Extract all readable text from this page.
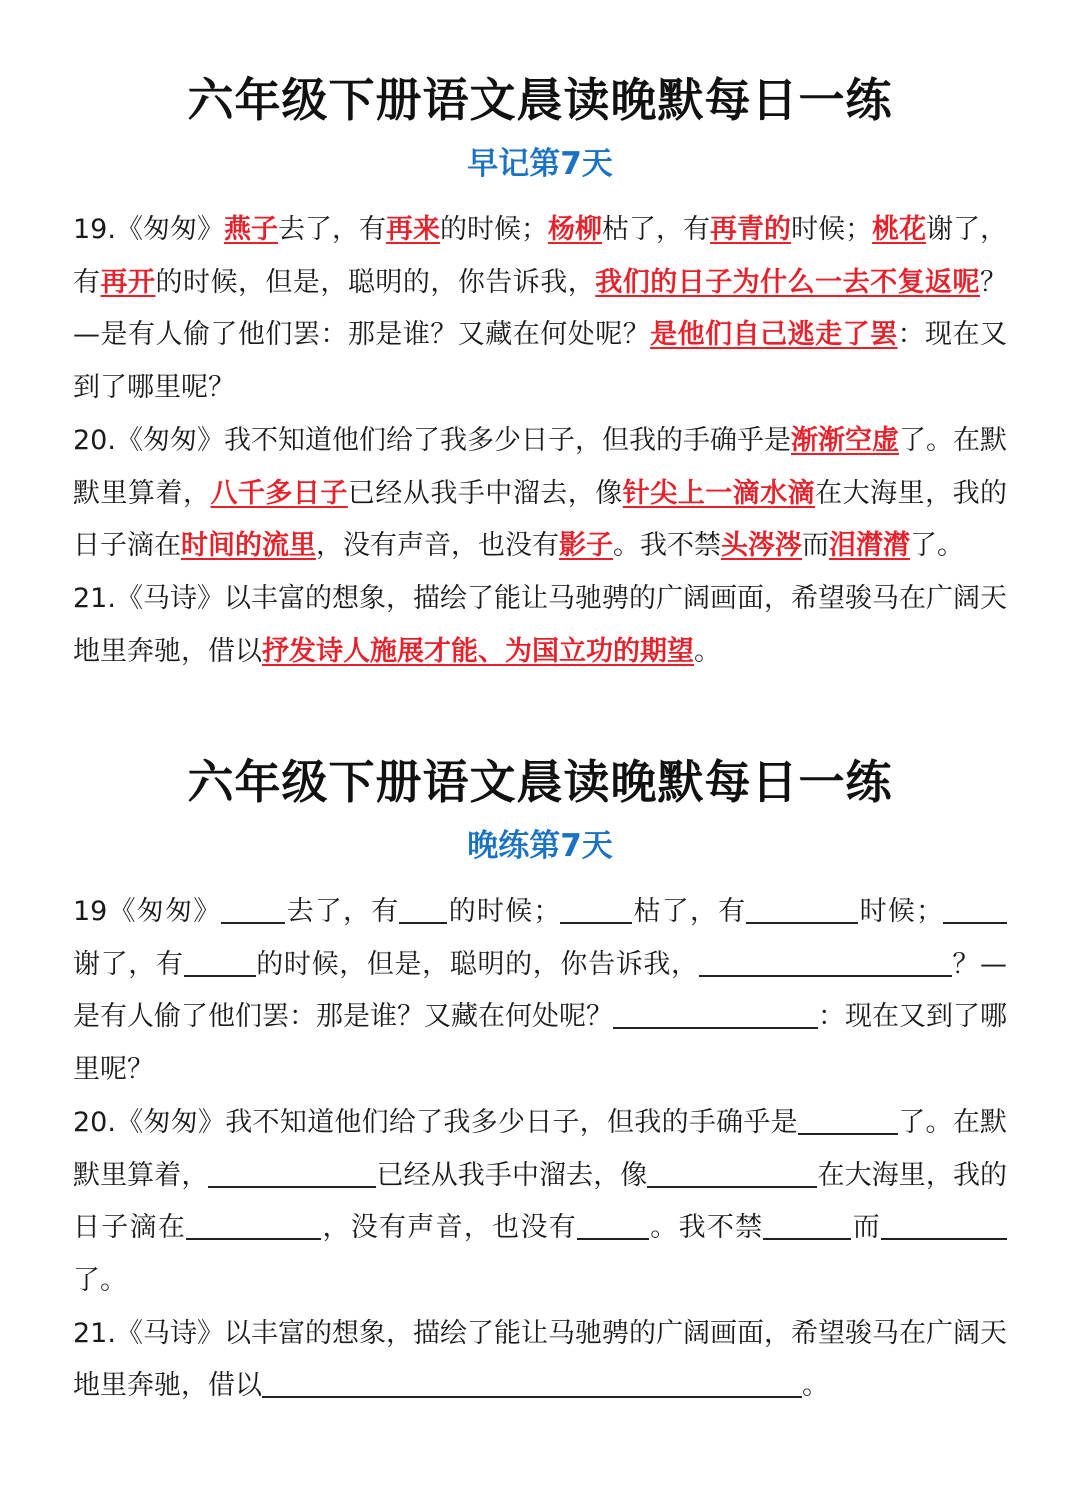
六年级下册语文晨读晚默每日一练
早记第7天

19.《匆匆》燕子去了，有再来的时候；杨柳枯了，有再青的时候；桃花谢了，有再开的时候，但是，聪明的，你告诉我，我们的日子为什么一去不复返呢？—是有人偷了他们罢：那是谁？又藏在何处呢？是他们自己逃走了罢：现在又到了哪里呢？

20.《匆匆》我不知道他们给了我多少日子，但我的手确乎是渐渐空虚了。在默默里算着，八千多日子已经从我手中溜去，像针尖上一滴水滴在大海里，我的日子滴在时间的流里，没有声音，也没有影子。我不禁头涔涔而泪潸潸了。

21.《马诗》以丰富的想象，描绘了能让马驰骋的广阔画面，希望骏马在广阔天地里奔驰，借以抒发诗人施展才能、为国立功的期望。

六年级下册语文晨读晚默每日一练
晚练第7天

19《匆匆》 去了，有 的时候；	枯了，有	时候；谢了，有	的时候，但是，聪明的，你告诉我，	？—是有人偷了他们罢：那是谁？又藏在何处呢？	：现在又到了哪里呢？

20.《匆匆》我不知道他们给了我多少日子，但我的手确乎是	了。在默默里算着，	已经从我手中溜去，像	在大海里，我的日子滴在	，没有声音，也没有	。我不禁	而了。

21.《马诗》以丰富的想象，描绘了能让马驰骋的广阔画面，希望骏马在广阔天地里奔驰，借以	。
